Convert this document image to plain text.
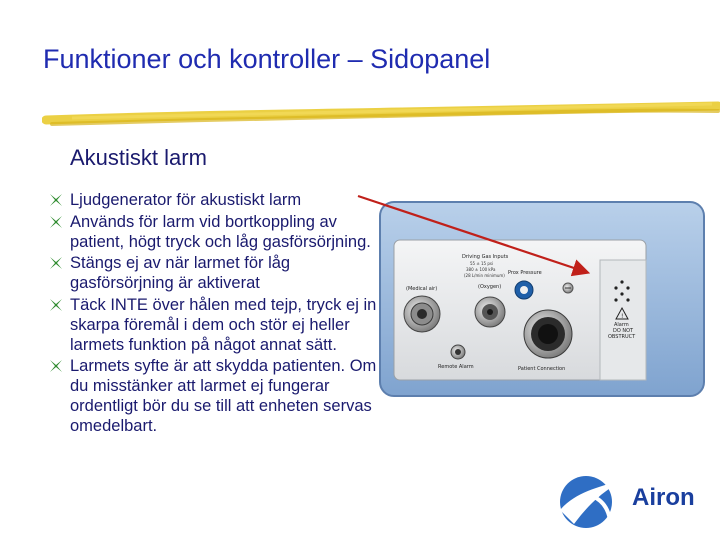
Funktioner och kontroller – Sidopanel
Akustiskt larm
Ljudgenerator för akustiskt larm
Används för larm vid bortkoppling av patient, högt tryck och låg gasförsörjning.
Stängs ej av när larmet för låg gasförsörjning är aktiverat
Täck INTE över hålen med tejp, tryck ej in skarpa föremål i dem och stör ej heller larmets funktion på något annat sätt.
Larmets syfte är att skydda patienten. Om du misstänker att larmet ej fungerar ordentligt bör du se till att enheten servas omedelbart.
Driving Gas Inputs
55 ± 15 psi
380 ± 100 kPa
(28 L/min minimum)
(Medical air)	(Oxygen)
Prox Pressure
!
Alarm
DO NOT
OBSTRUCT
Remote Alarm	Patient Connection
Airon
